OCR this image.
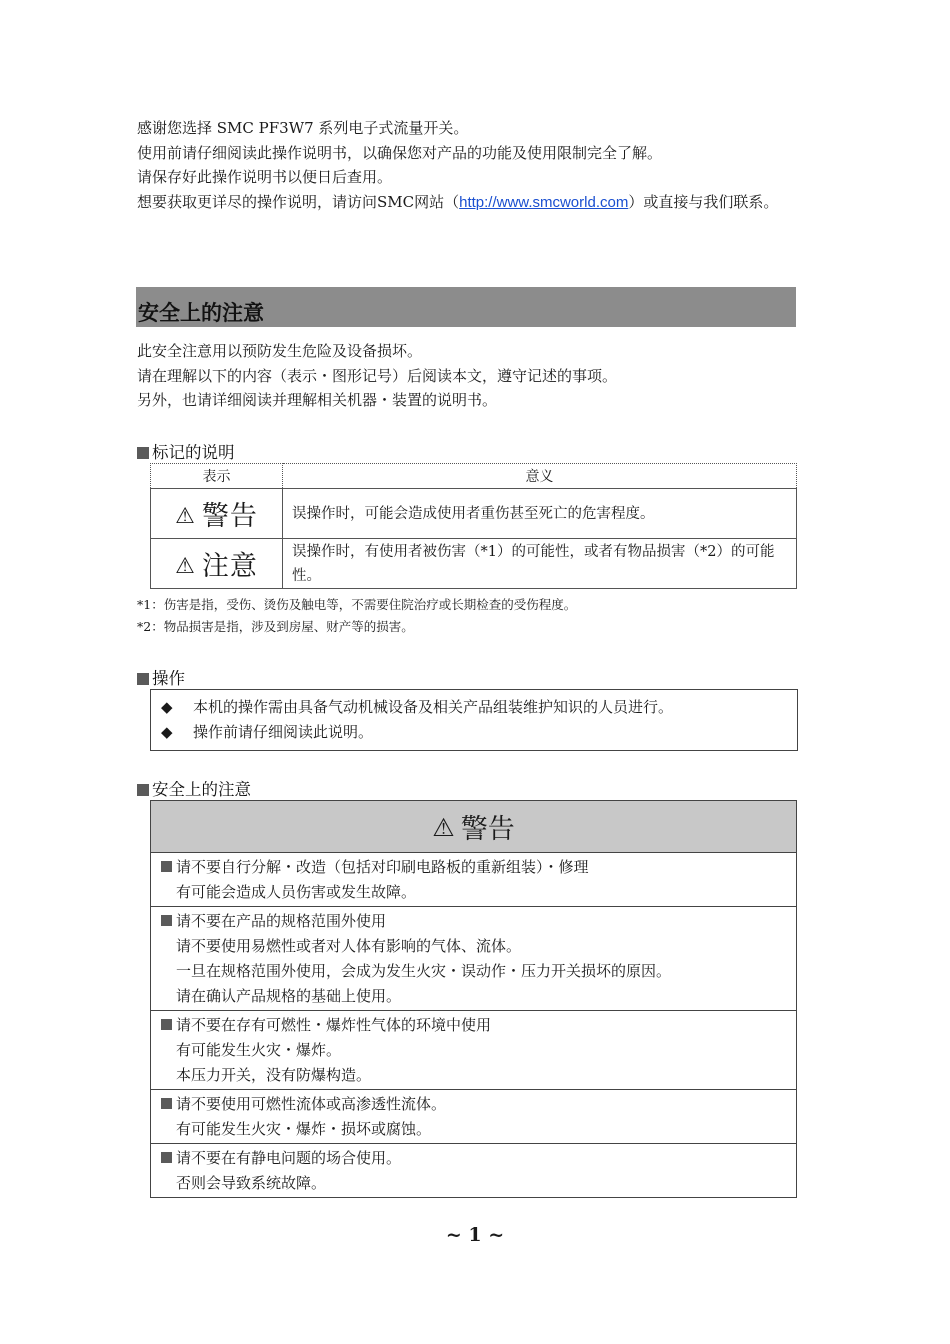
感谢您选择 SMC PF3W7 系列电子式流量开关。

使用前请仔细阅读此操作说明书，以确保您对产品的功能及使用限制完全了解。

请保存好此操作说明书以便日后查用。

想要获取更详尽的操作说明，请访问SMC网站（http://www.smcworld.com）或直接与我们联系。

安全上的注意

此安全注意用以预防发生危险及设备损坏。

请在理解以下的内容（表示・图形记号）后阅读本文，遵守记述的事项。

另外，也请详细阅读并理解相关机器・装置的说明书。

标记的说明
表示	意义
⚠ 警告	误操作时，可能会造成使用者重伤甚至死亡的危害程度。
⚠ 注意	误操作时，有使用者被伤害（*1）的可能性，或者有物品损害（*2）的可能性。

*1：伤害是指，受伤、烫伤及触电等，不需要住院治疗或长期检查的受伤程度。

*2：物品损害是指，涉及到房屋、财产等的损害。

操作

◆ 本机的操作需由具备气动机械设备及相关产品组装维护知识的人员进行。

◆ 操作前请仔细阅读此说明。

安全上的注意
⚠ 警告

请不要自行分解・改造（包括对印刷电路板的重新组装）・修理
有可能会造成人员伤害或发生故障。

请不要在产品的规格范围外使用
请不要使用易燃性或者对人体有影响的气体、流体。
一旦在规格范围外使用，会成为发生火灾・误动作・压力开关损坏的原因。
请在确认产品规格的基础上使用。

请不要在存有可燃性・爆炸性气体的环境中使用
有可能发生火灾・爆炸。
本压力开关，没有防爆构造。

请不要使用可燃性流体或高渗透性流体。
有可能发生火灾・爆炸・损坏或腐蚀。

请不要在有静电问题的场合使用。
否则会导致系统故障。
~ 1 ~
